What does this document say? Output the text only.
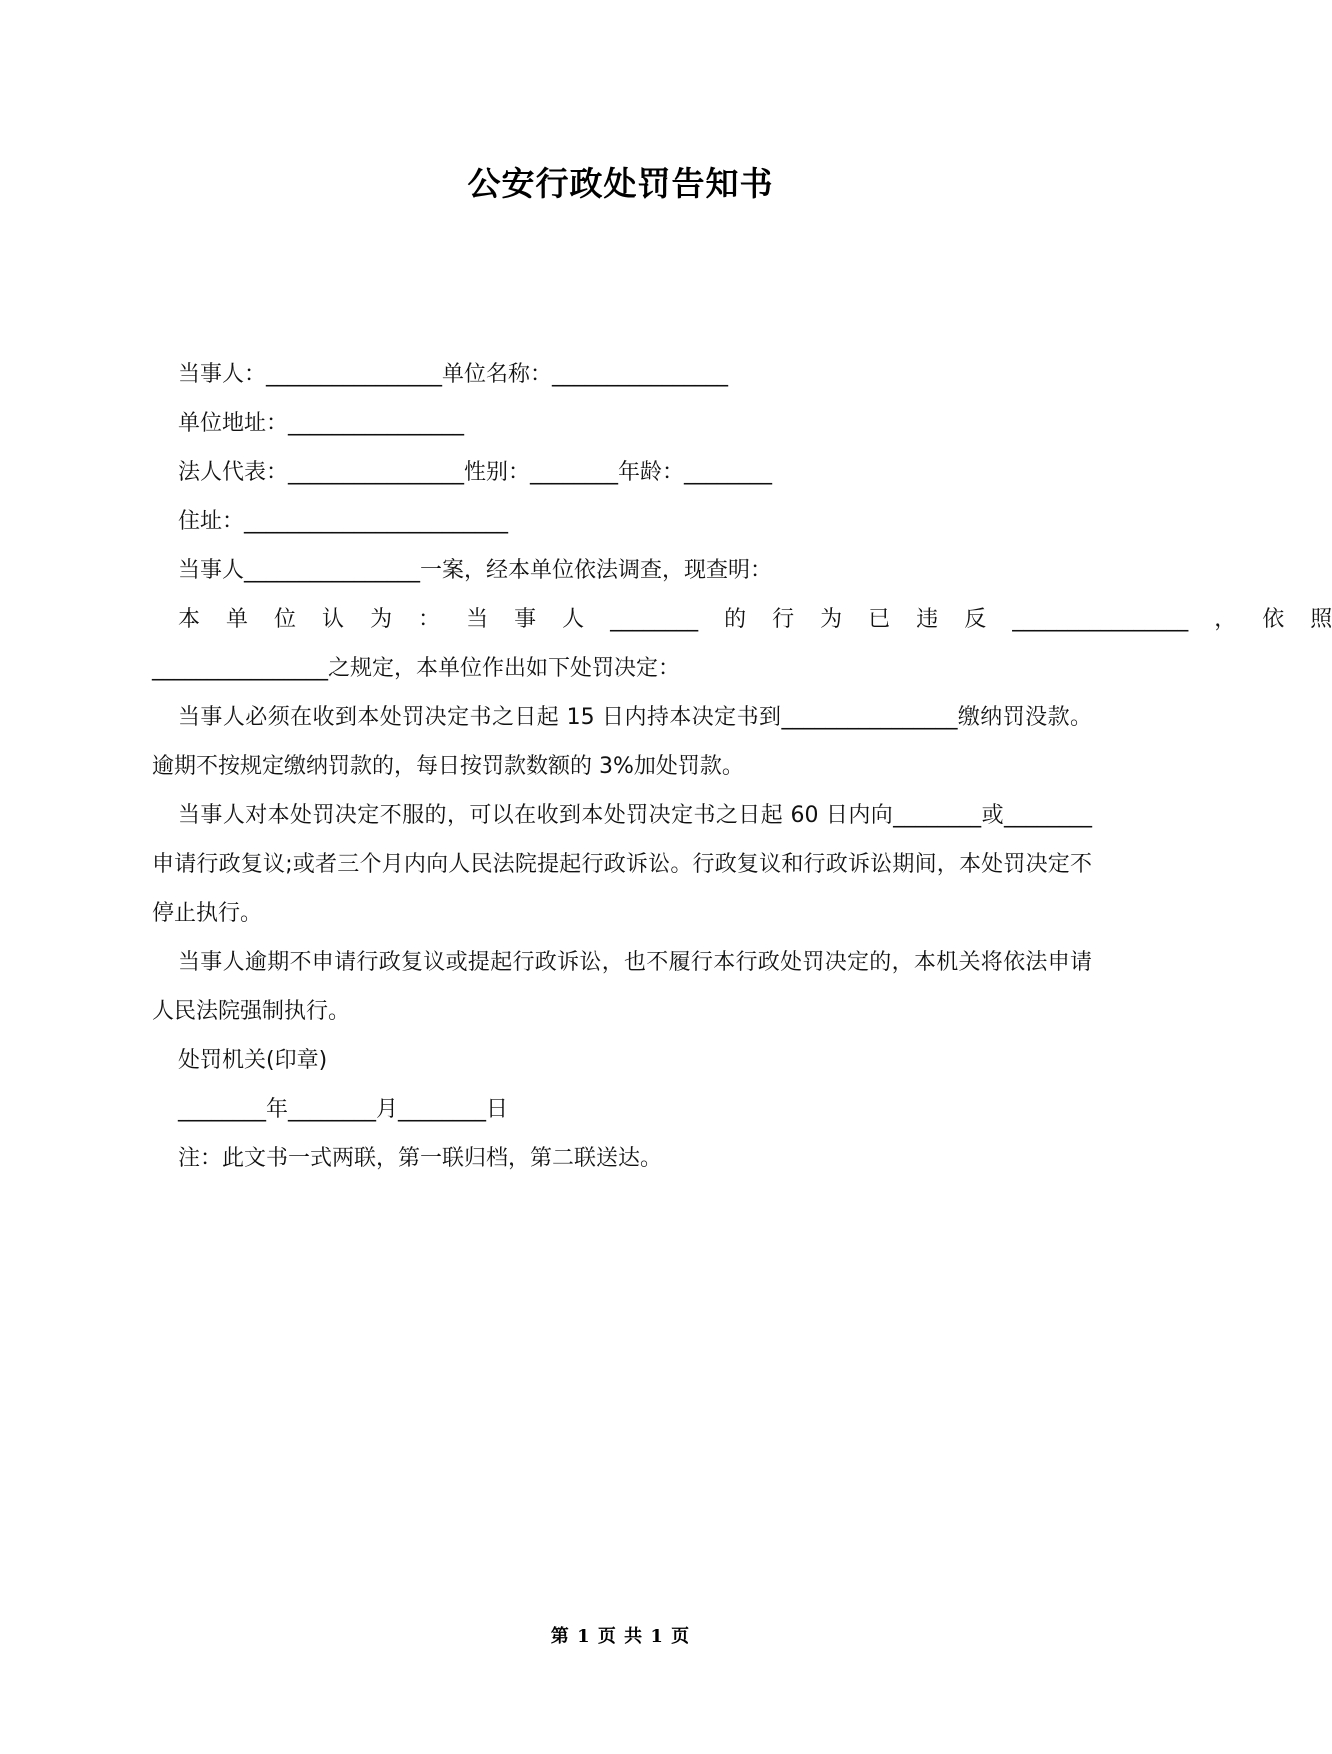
公安行政处罚告知书

当事人：________________单位名称：________________

单位地址：________________

法人代表：________________性别：________年龄：________

住址：________________________

当事人________________一案，经本单位依法调查，现查明：

本	单	位	认	为	：	当	事	人	________	的	行	为	已	违	反	________________	，	依	照

________________之规定，本单位作出如下处罚决定：

当事人必须在收到本处罚决定书之日起 15 日内持本决定书到________________缴纳罚没款。逾期不按规定缴纳罚款的，每日按罚款数额的 3%加处罚款。

当事人对本处罚决定不服的，可以在收到本处罚决定书之日起 60 日内向________或________申请行政复议;或者三个月内向人民法院提起行政诉讼。行政复议和行政诉讼期间，本处罚决定不停止执行。

当事人逾期不申请行政复议或提起行政诉讼，也不履行本行政处罚决定的，本机关将依法申请人民法院强制执行。

处罚机关(印章)

________年________月________日

注：此文书一式两联，第一联归档，第二联送达。

第 1 页 共 1 页
